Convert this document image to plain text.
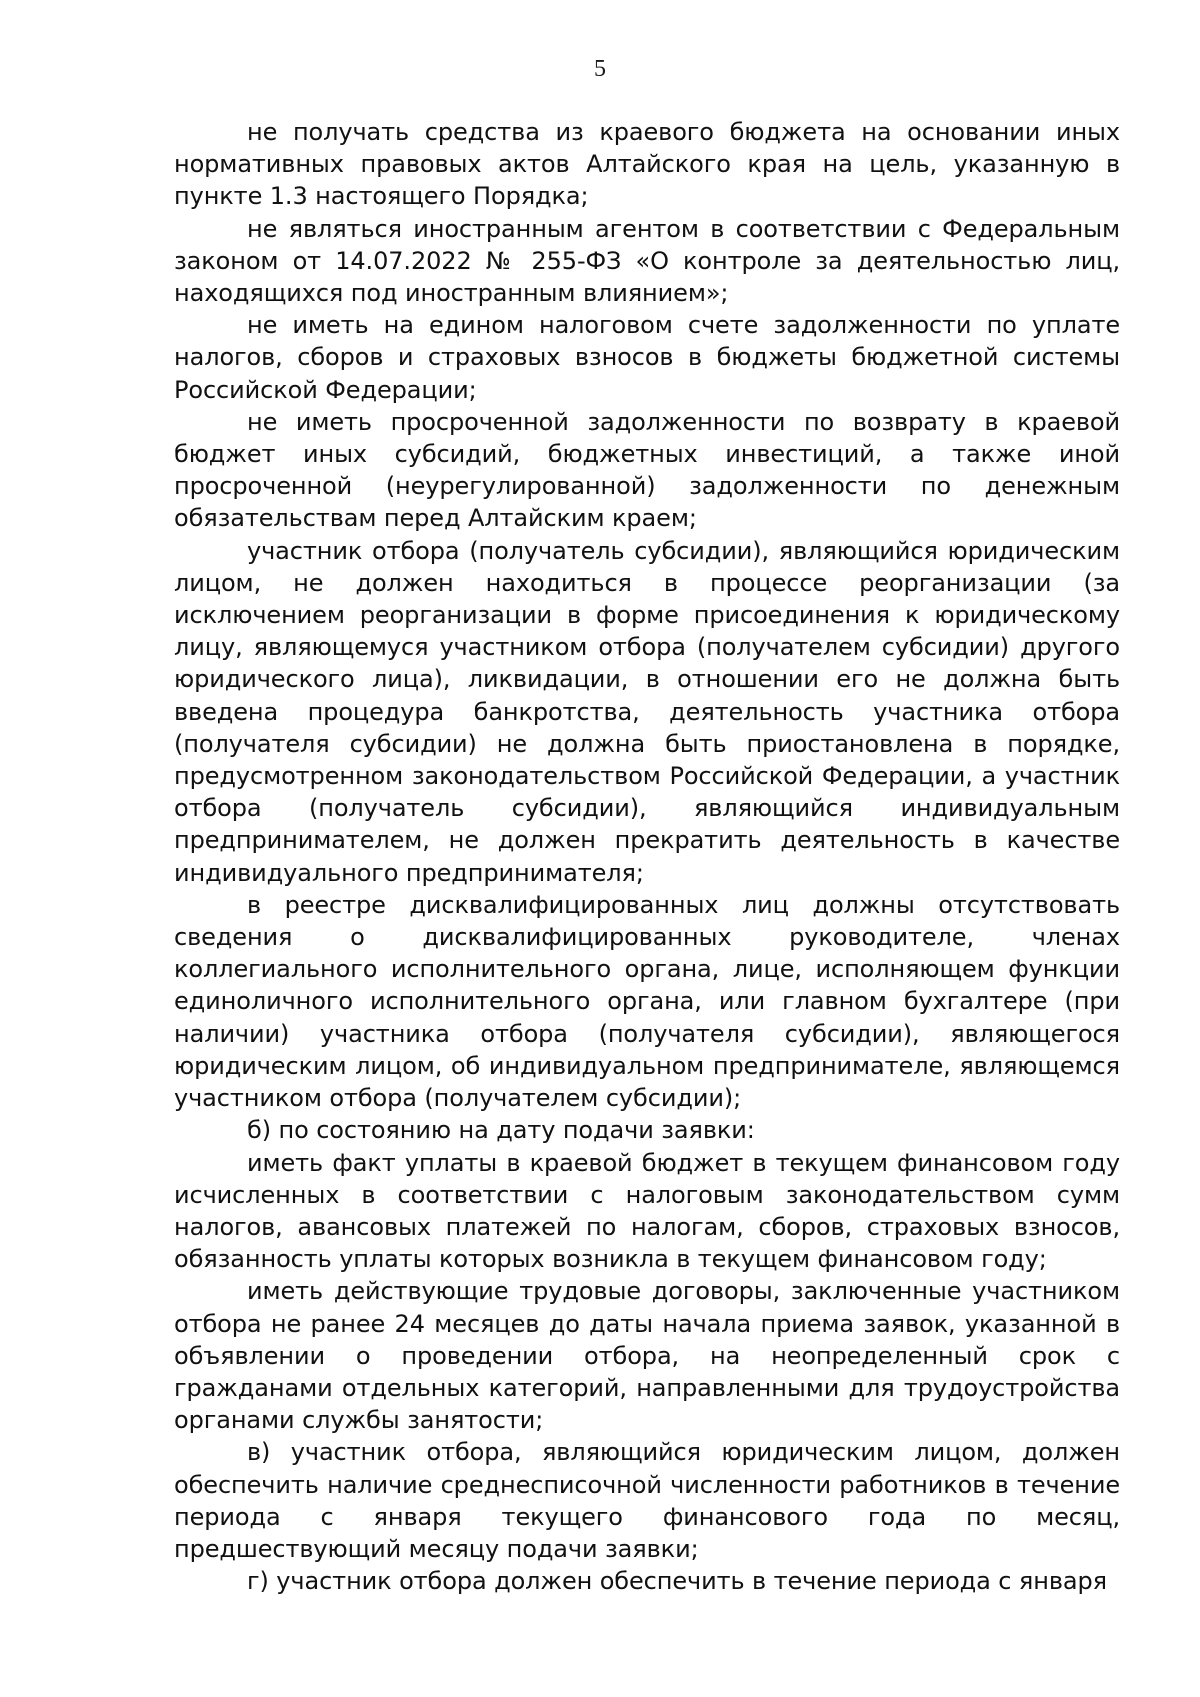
5

не получать средства из краевого бюджета на основании иных нормативных правовых актов Алтайского края на цель, указанную в пункте 1.3 настоящего Порядка;

не являться иностранным агентом в соответствии с Федеральным законом от 14.07.2022 № 255-ФЗ «О контроле за деятельностью лиц, находящихся под иностранным влиянием»;

не иметь на едином налоговом счете задолженности по уплате налогов, сборов и страховых взносов в бюджеты бюджетной системы Российской Федерации;

не иметь просроченной задолженности по возврату в краевой бюджет иных субсидий, бюджетных инвестиций, а также иной просроченной (неурегулированной) задолженности по денежным обязательствам перед Алтайским краем;

участник отбора (получатель субсидии), являющийся юридическим лицом, не должен находиться в процессе реорганизации (за исключением реорганизации в форме присоединения к юридическому лицу, являющемуся участником отбора (получателем субсидии) другого юридического лица), ликвидации, в отношении его не должна быть введена процедура банкротства, деятельность участника отбора (получателя субсидии) не должна быть приостановлена в порядке, предусмотренном законодательством Российской Федерации, а участник отбора (получатель субсидии), являющийся индивидуальным предпринимателем, не должен прекратить деятельность в качестве индивидуального предпринимателя;

в реестре дисквалифицированных лиц должны отсутствовать сведения о дисквалифицированных руководителе, членах коллегиального исполнительного органа, лице, исполняющем функции единоличного исполнительного органа, или главном бухгалтере (при наличии) участника отбора (получателя субсидии), являющегося юридическим лицом, об индивидуальном предпринимателе, являющемся участником отбора (получателем субсидии);

б) по состоянию на дату подачи заявки:

иметь факт уплаты в краевой бюджет в текущем финансовом году исчисленных в соответствии с налоговым законодательством сумм налогов, авансовых платежей по налогам, сборов, страховых взносов, обязанность уплаты которых возникла в текущем финансовом году;

иметь действующие трудовые договоры, заключенные участником отбора не ранее 24 месяцев до даты начала приема заявок, указанной в объявлении о проведении отбора, на неопределенный срок с гражданами отдельных категорий, направленными для трудоустройства органами службы занятости;

в) участник отбора, являющийся юридическим лицом, должен обеспечить наличие среднесписочной численности работников в течение периода с января текущего финансового года по месяц, предшествующий месяцу подачи заявки;

г) участник отбора должен обеспечить в течение периода с января
